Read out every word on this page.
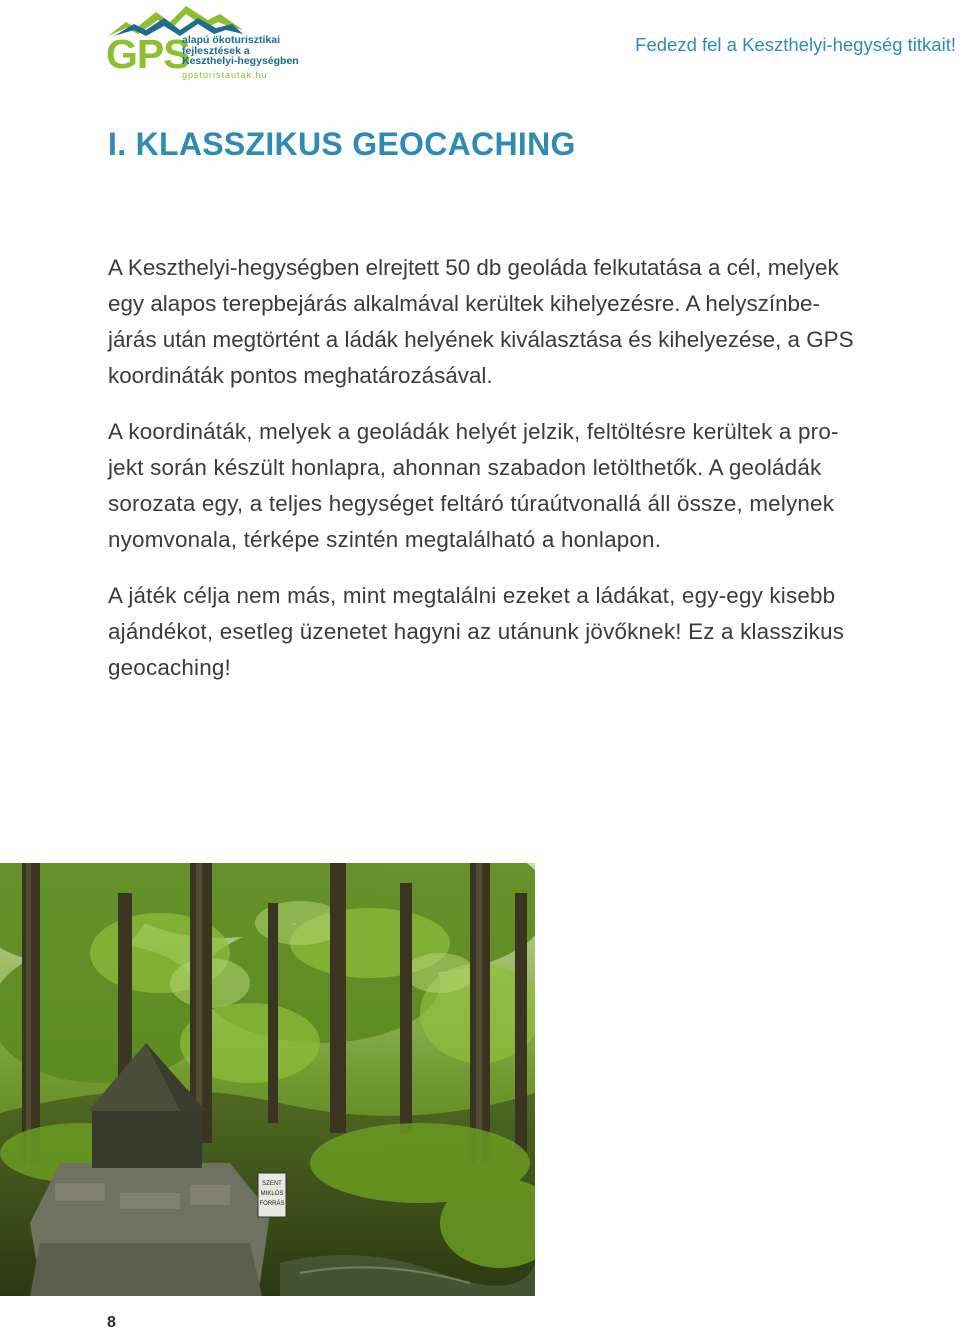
GPS
alapú ökoturisztikai
fejlesztések a
Keszthelyi-hegységben
gpsturistautak.hu
Fedezd fel a Keszthelyi-hegység titkait!
I. KLASSZIKUS GEOCACHING

A Keszthelyi-hegységben elrejtett 50 db geoláda felkutatása a cél, melyek
egy alapos terepbejárás alkalmával kerültek kihelyezésre. A helyszínbe-
járás után megtörtént a ládák helyének kiválasztása és kihelyezése, a GPS
koordináták pontos meghatározásával.

A koordináták, melyek a geoládák helyét jelzik, feltöltésre kerültek a pro-
jekt során készült honlapra, ahonnan szabadon letölthetők. A geoládák
sorozata egy, a teljes hegységet feltáró túraútvonallá áll össze, melynek
nyomvonala, térképe szintén megtalálható a honlapon.

A játék célja nem más, mint megtalálni ezeket a ládákat, egy-egy kisebb
ajándékot, esetleg üzenetet hagyni az utánunk jövőknek! Ez a klasszikus
geocaching!

SZENT
MIKLÓS
FORRÁS
8
